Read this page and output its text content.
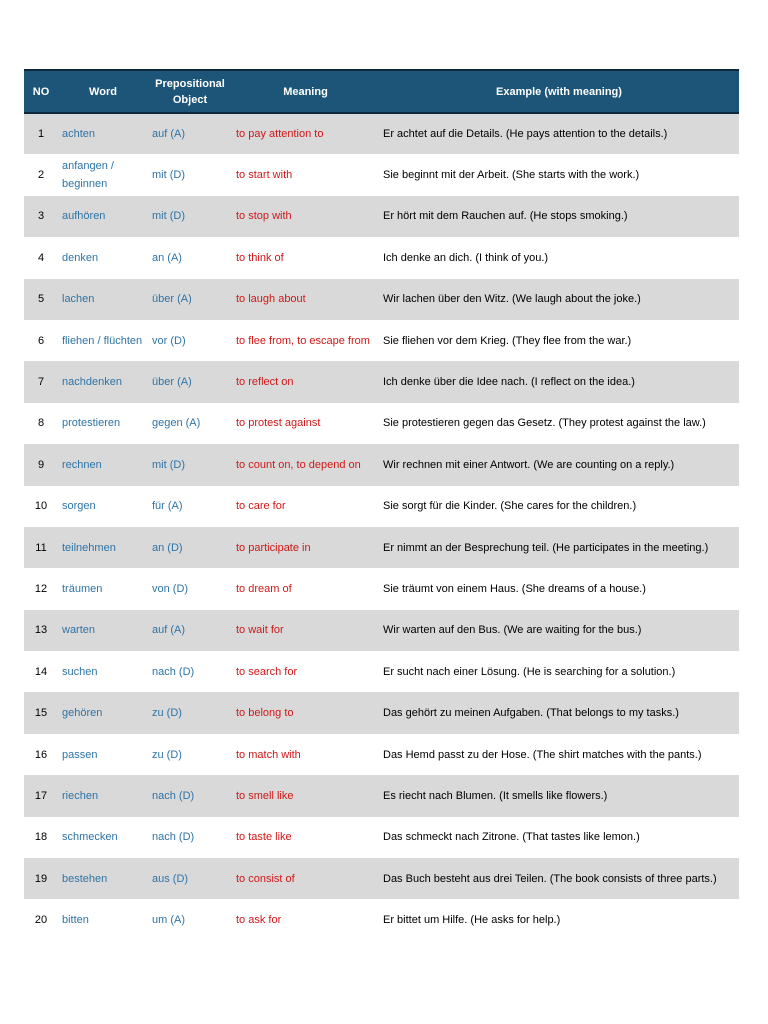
NO	Word	Prepositional Object	Meaning	Example (with meaning)
1	achten	auf (A)	to pay attention to	Er achtet auf die Details. (He pays attention to the details.)
2	anfangen / beginnen	mit (D)	to start with	Sie beginnt mit der Arbeit. (She starts with the work.)
3	aufhören	mit (D)	to stop with	Er hört mit dem Rauchen auf. (He stops smoking.)
4	denken	an (A)	to think of	Ich denke an dich. (I think of you.)
5	lachen	über (A)	to laugh about	Wir lachen über den Witz. (We laugh about the joke.)
6	fliehen / flüchten	vor (D)	to flee from, to escape from	Sie fliehen vor dem Krieg. (They flee from the war.)
7	nachdenken	über (A)	to reflect on	Ich denke über die Idee nach. (I reflect on the idea.)
8	protestieren	gegen (A)	to protest against	Sie protestieren gegen das Gesetz. (They protest against the law.)
9	rechnen	mit (D)	to count on, to depend on	Wir rechnen mit einer Antwort. (We are counting on a reply.)
10	sorgen	für (A)	to care for	Sie sorgt für die Kinder. (She cares for the children.)
11	teilnehmen	an (D)	to participate in	Er nimmt an der Besprechung teil. (He participates in the meeting.)
12	träumen	von (D)	to dream of	Sie träumt von einem Haus. (She dreams of a house.)
13	warten	auf (A)	to wait for	Wir warten auf den Bus. (We are waiting for the bus.)
14	suchen	nach (D)	to search for	Er sucht nach einer Lösung. (He is searching for a solution.)
15	gehören	zu (D)	to belong to	Das gehört zu meinen Aufgaben. (That belongs to my tasks.)
16	passen	zu (D)	to match with	Das Hemd passt zu der Hose. (The shirt matches with the pants.)
17	riechen	nach (D)	to smell like	Es riecht nach Blumen. (It smells like flowers.)
18	schmecken	nach (D)	to taste like	Das schmeckt nach Zitrone. (That tastes like lemon.)
19	bestehen	aus (D)	to consist of	Das Buch besteht aus drei Teilen. (The book consists of three parts.)
20	bitten	um (A)	to ask for	Er bittet um Hilfe. (He asks for help.)
